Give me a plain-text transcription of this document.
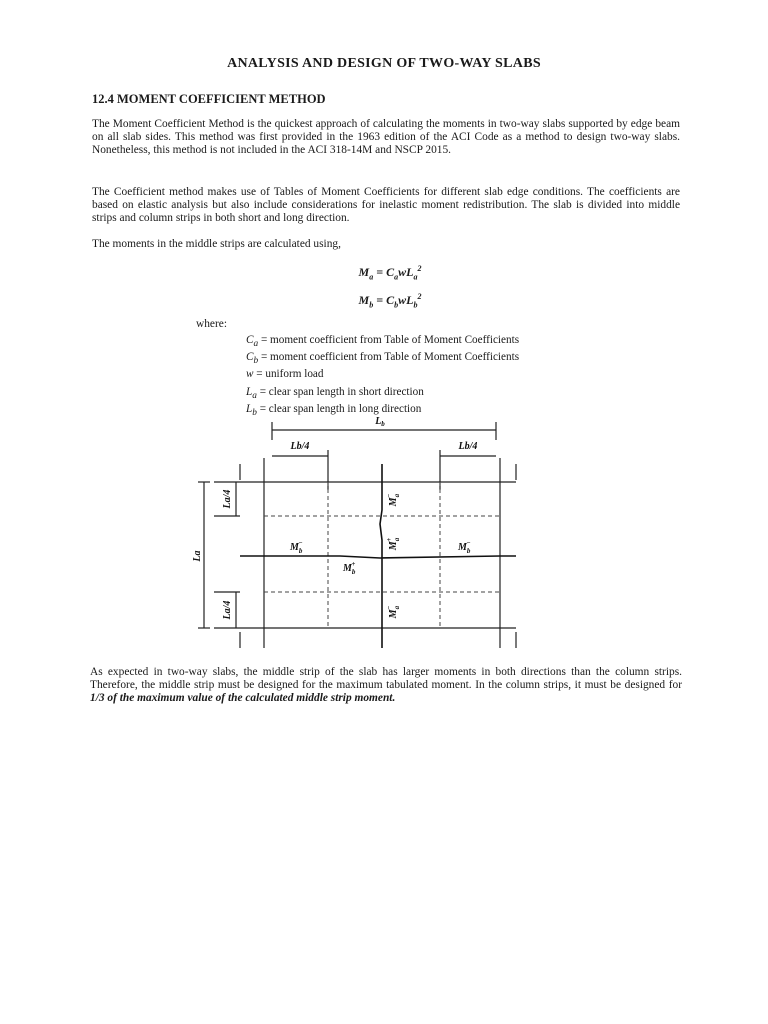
ANALYSIS AND DESIGN OF TWO-WAY SLABS
12.4 MOMENT COEFFICIENT METHOD

The Moment Coefficient Method is the quickest approach of calculating the moments in two-way slabs supported by edge beam on all slab sides. This method was first provided in the 1963 edition of the ACI Code as a method to design two-way slabs. Nonetheless, this method is not included in the ACI 318-14M and NSCP 2015.

The Coefficient method makes use of Tables of Moment Coefficients for different slab edge conditions. The coefficients are based on elastic analysis but also include considerations for inelastic moment redistribution. The slab is divided into middle strips and column strips in both short and long direction.

The moments in the middle strips are calculated using,

$M_a = C_awL_a^2$
$M_b = C_bwL_b^2$
where:
$C_a$ = moment coefficient from Table of Moment Coefficients
$C_b$ = moment coefficient from Table of Moment Coefficients
w = uniform load
$L_a$ = clear span length in short direction
$L_b$ = clear span length in long direction
$L_b$
Lb/4	Lb/4
La
La/4
La/4
$M_b-$	$M_b-$
$M_b+$
$M_a-$
$M_a+$
$M_a-$

As expected in two-way slabs, the middle strip of the slab has larger moments in both directions than the column strips. Therefore, the middle strip must be designed for the maximum tabulated moment. In the column strips, it must be designed for 1/3 of the maximum value of the calculated middle strip moment.
